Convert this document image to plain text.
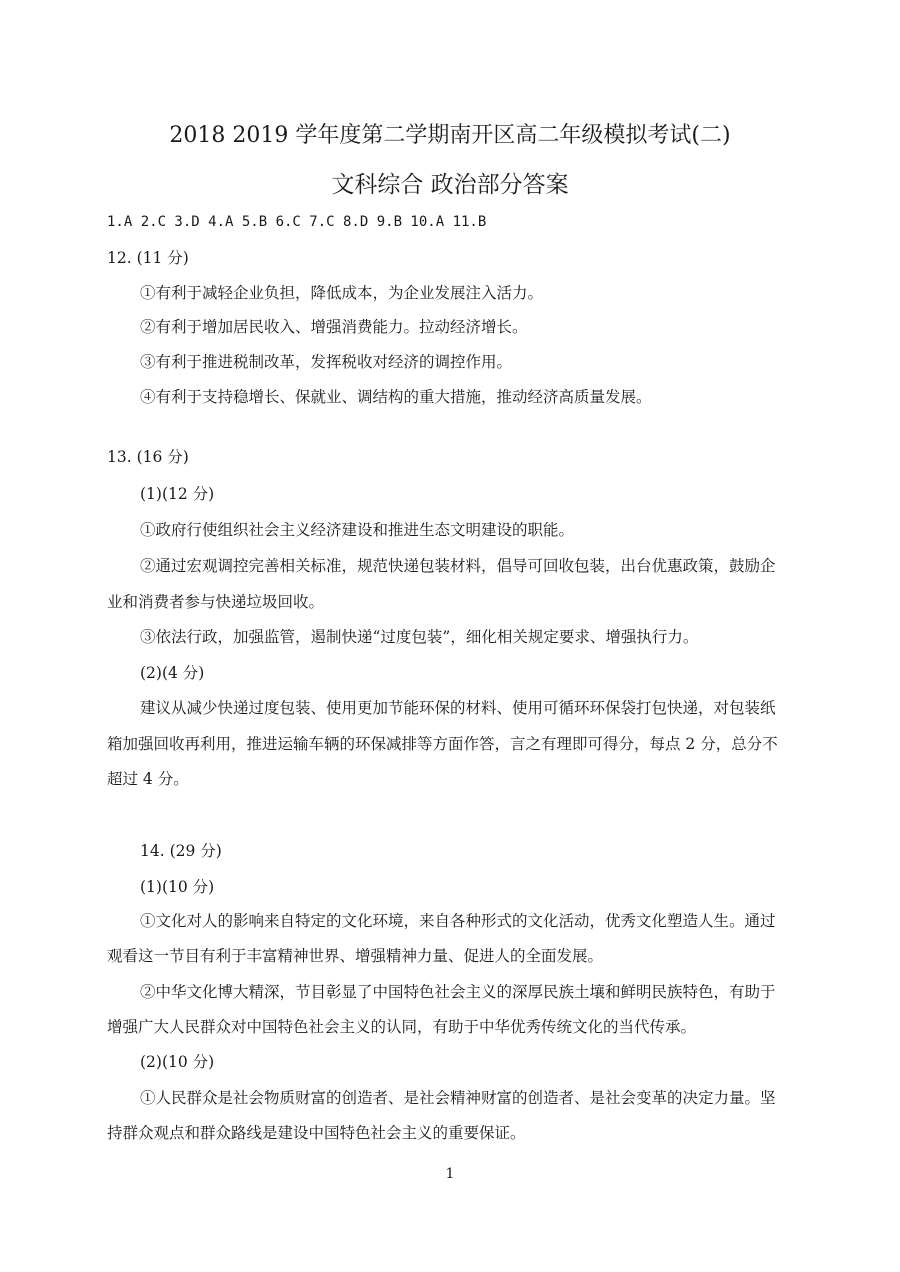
2018 2019 学年度第二学期南开区高二年级模拟考试(二)
文科综合 政治部分答案
1.A 2.C 3.D 4.A 5.B 6.C 7.C 8.D 9.B 10.A 11.B
12. (11 分)
①有利于减轻企业负担，降低成本，为企业发展注入活力。
②有利于增加居民收入、增强消费能力。拉动经济增长。
③有利于推进税制改革，发挥税收对经济的调控作用。
④有利于支持稳增长、保就业、调结构的重大措施，推动经济高质量发展。
13. (16 分)
(1)(12 分)
①政府行使组织社会主义经济建设和推进生态文明建设的职能。
②通过宏观调控完善相关标准，规范快递包装材料，倡导可回收包装，出台优惠政策，鼓励企
业和消费者参与快递垃圾回收。
③依法行政，加强监管，遏制快递“过度包装”，细化相关规定要求、增强执行力。
(2)(4 分)
建议从减少快递过度包装、使用更加节能环保的材料、使用可循环环保袋打包快递，对包装纸
箱加强回收再利用，推进运输车辆的环保减排等方面作答，言之有理即可得分，每点 2 分，总分不
超过 4 分。
14. (29 分)
(1)(10 分)
①文化对人的影响来自特定的文化环境，来自各种形式的文化活动，优秀文化塑造人生。通过
观看这一节目有利于丰富精神世界、增强精神力量、促进人的全面发展。
②中华文化博大精深，节目彰显了中国特色社会主义的深厚民族土壤和鲜明民族特色，有助于
增强广大人民群众对中国特色社会主义的认同，有助于中华优秀传统文化的当代传承。
(2)(10 分)
①人民群众是社会物质财富的创造者、是社会精神财富的创造者、是社会变革的决定力量。坚
持群众观点和群众路线是建设中国特色社会主义的重要保证。
1
